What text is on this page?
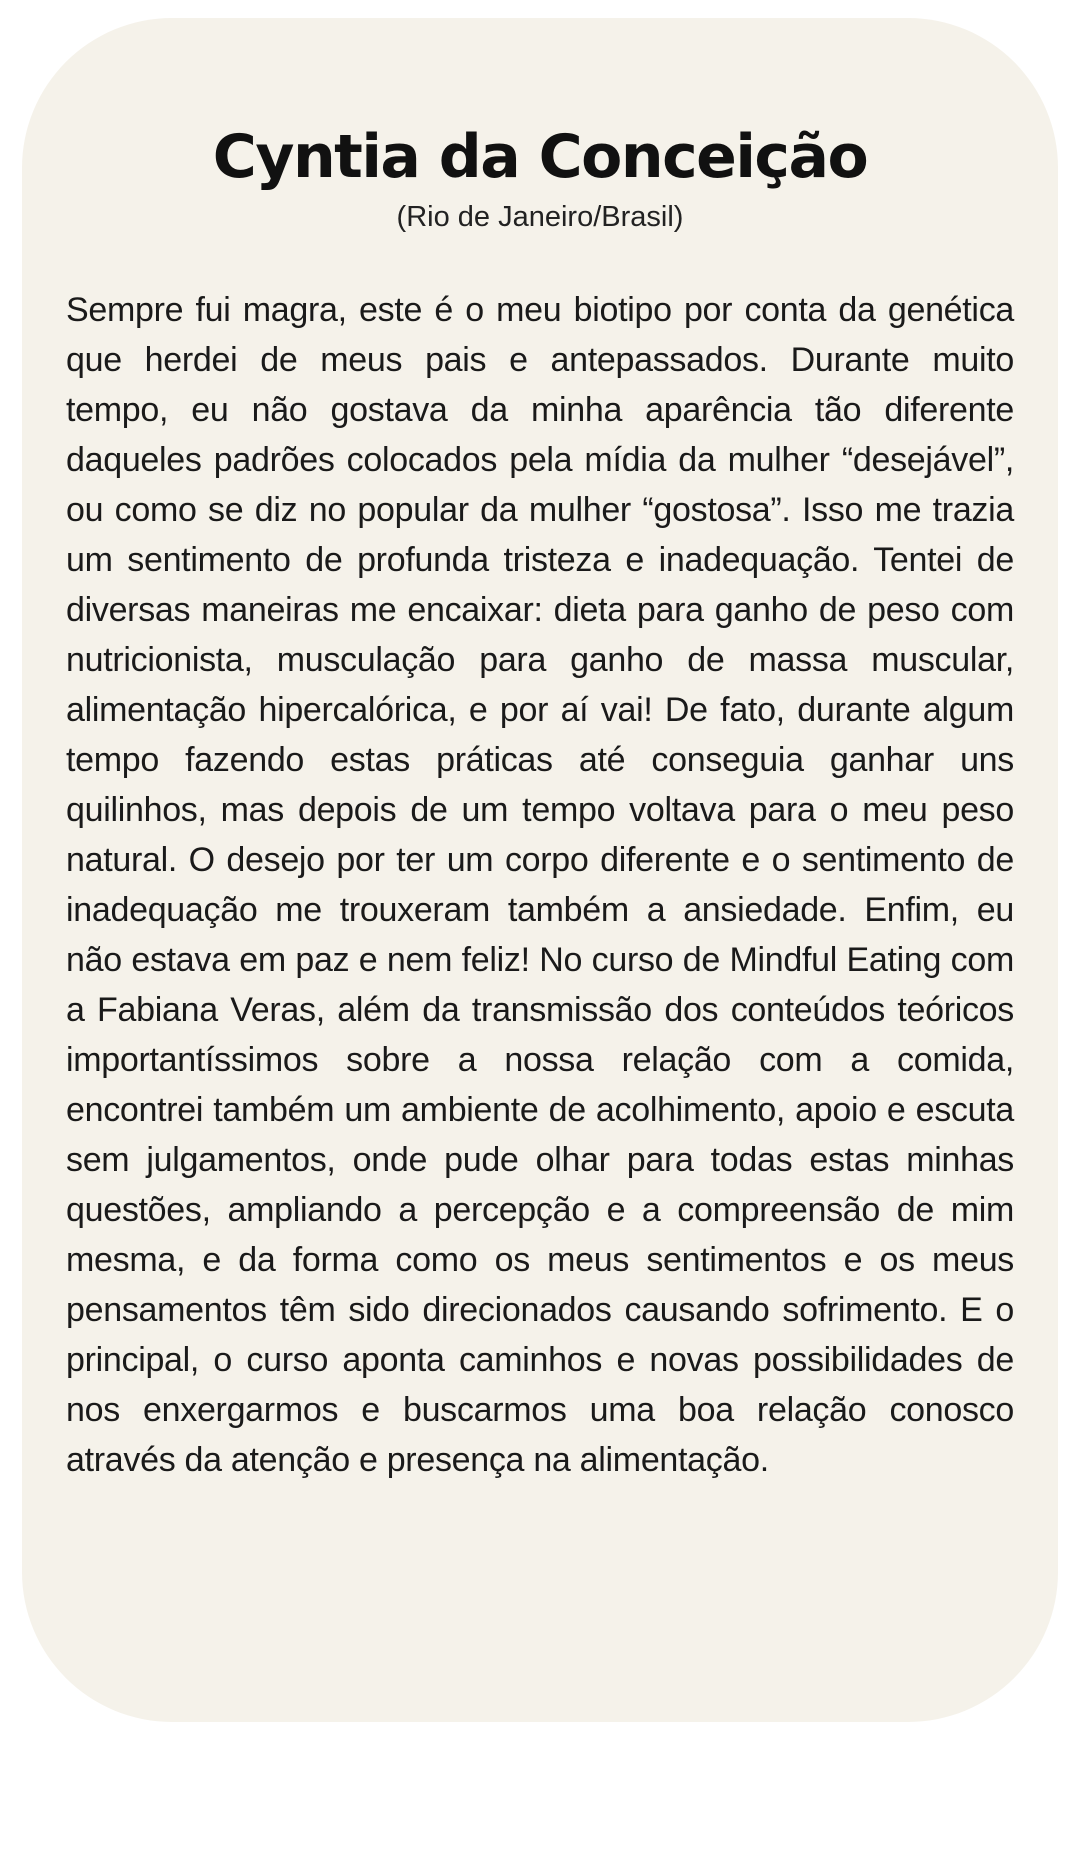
Cyntia da Conceição

(Rio de Janeiro/Brasil)

Sempre fui magra, este é o meu biotipo por conta da genética que herdei de meus pais e antepassados. Durante muito tempo, eu não gostava da minha aparência tão diferente daqueles padrões colocados pela mídia da mulher “desejável”, ou como se diz no popular da mulher “gostosa”. Isso me trazia um sentimento de profunda tristeza e inadequação. Tentei de diversas maneiras me encaixar: dieta para ganho de peso com nutricionista, musculação para ganho de massa muscular, alimentação hipercalórica, e por aí vai! De fato, durante algum tempo fazendo estas práticas até conseguia ganhar uns quilinhos, mas depois de um tempo voltava para o meu peso natural. O desejo por ter um corpo diferente e o sentimento de inadequação me trouxeram também a ansiedade. Enfim, eu não estava em paz e nem feliz! No curso de Mindful Eating com a Fabiana Veras, além da transmissão dos conteúdos teóricos importantíssimos sobre a nossa relação com a comida, encontrei também um ambiente de acolhimento, apoio e escuta sem julgamentos, onde pude olhar para todas estas minhas questões, ampliando a percepção e a compreensão de mim mesma, e da forma como os meus sentimentos e os meus pensamentos têm sido direcionados causando sofrimento. E o principal, o curso aponta caminhos e novas possibilidades de nos enxergarmos e buscarmos uma boa relação conosco através da atenção e presença na alimentação.
